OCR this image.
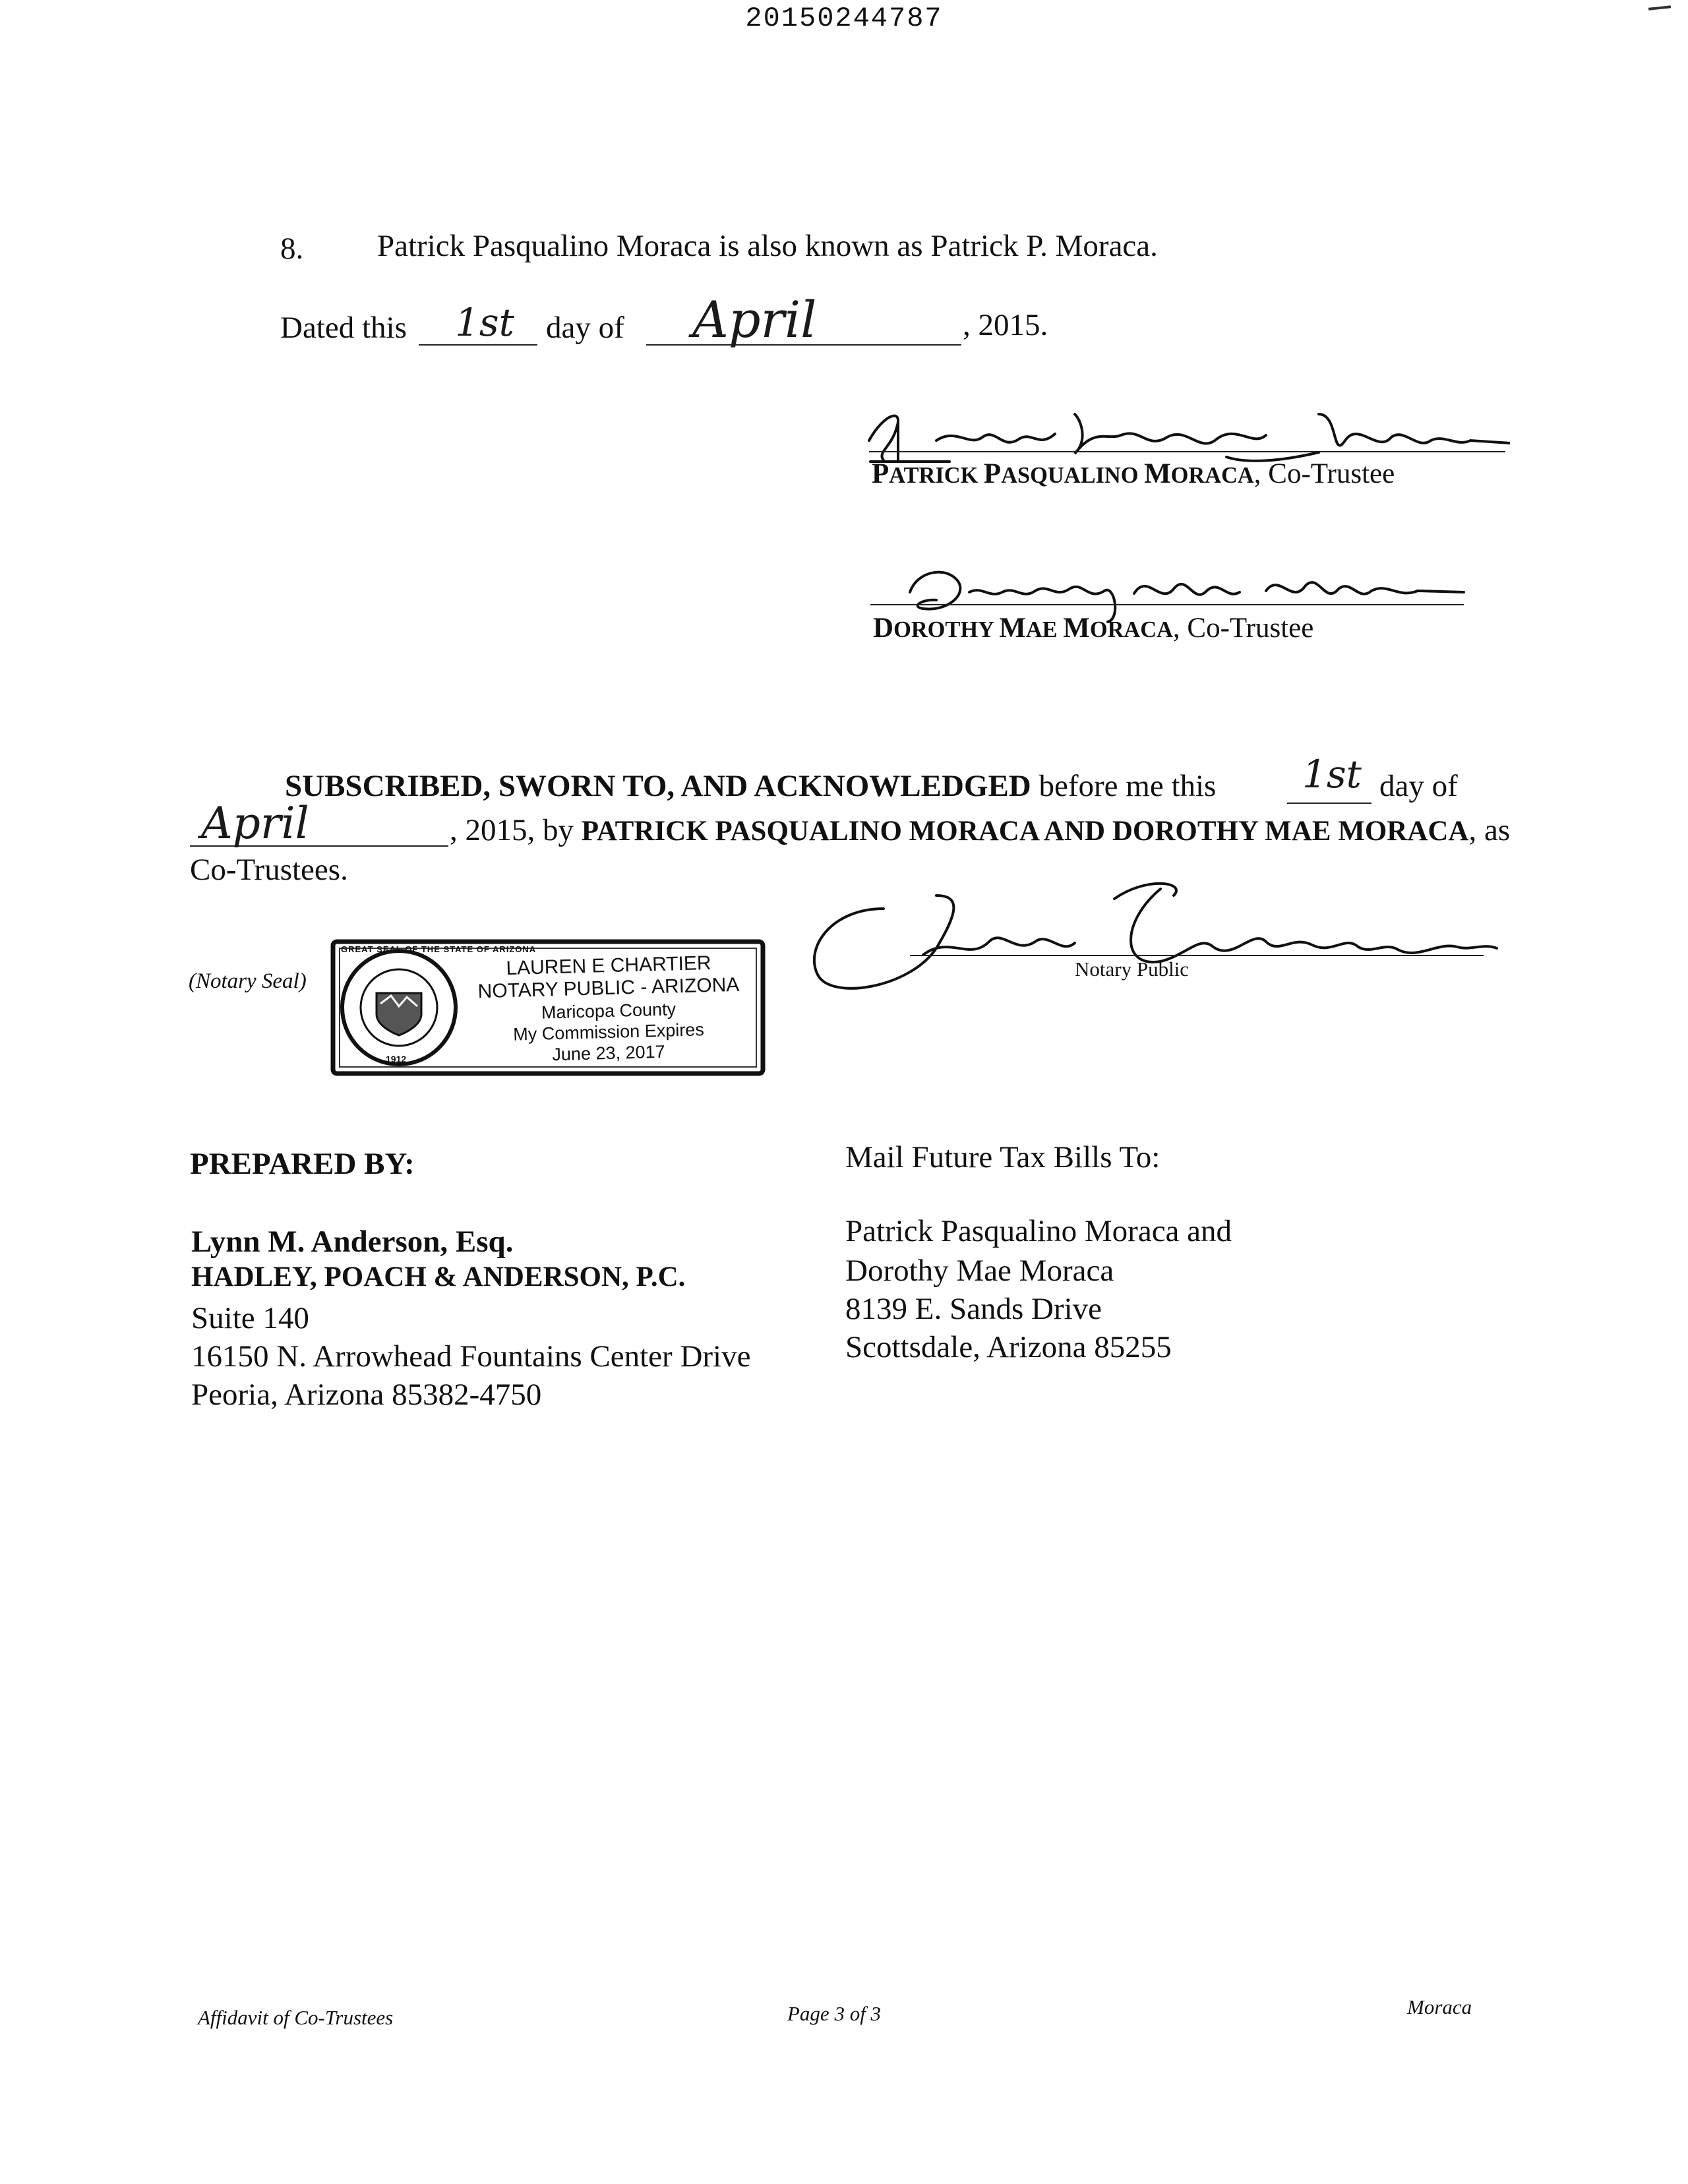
20150244787
8. Patrick Pasqualino Moraca is also known as Patrick P. Moraca.
Dated this 1st day of April	, 2015.
PATRICK PASQUALINO MORACA, Co-Trustee
DOROTHY MAE MORACA, Co-Trustee
SUBSCRIBED, SWORN TO, AND ACKNOWLEDGED before me this 1st day of
April	, 2015, by PATRICK PASQUALINO MORACA AND DOROTHY MAE MORACA, as
Co-Trustees.
(Notary Seal)
GREAT SEAL OF THE STATE OF ARIZONA
1912
LAUREN E CHARTIER
NOTARY PUBLIC - ARIZONA
Maricopa County
My Commission Expires
June 23, 2017
Notary Public
PREPARED BY:
Lynn M. Anderson, Esq.
HADLEY, POACH & ANDERSON, P.C.
Suite 140
16150 N. Arrowhead Fountains Center Drive
Peoria, Arizona 85382-4750
Mail Future Tax Bills To:
Patrick Pasqualino Moraca and
Dorothy Mae Moraca
8139 E. Sands Drive
Scottsdale, Arizona 85255
Affidavit of Co-Trustees	Page 3 of 3	Moraca
